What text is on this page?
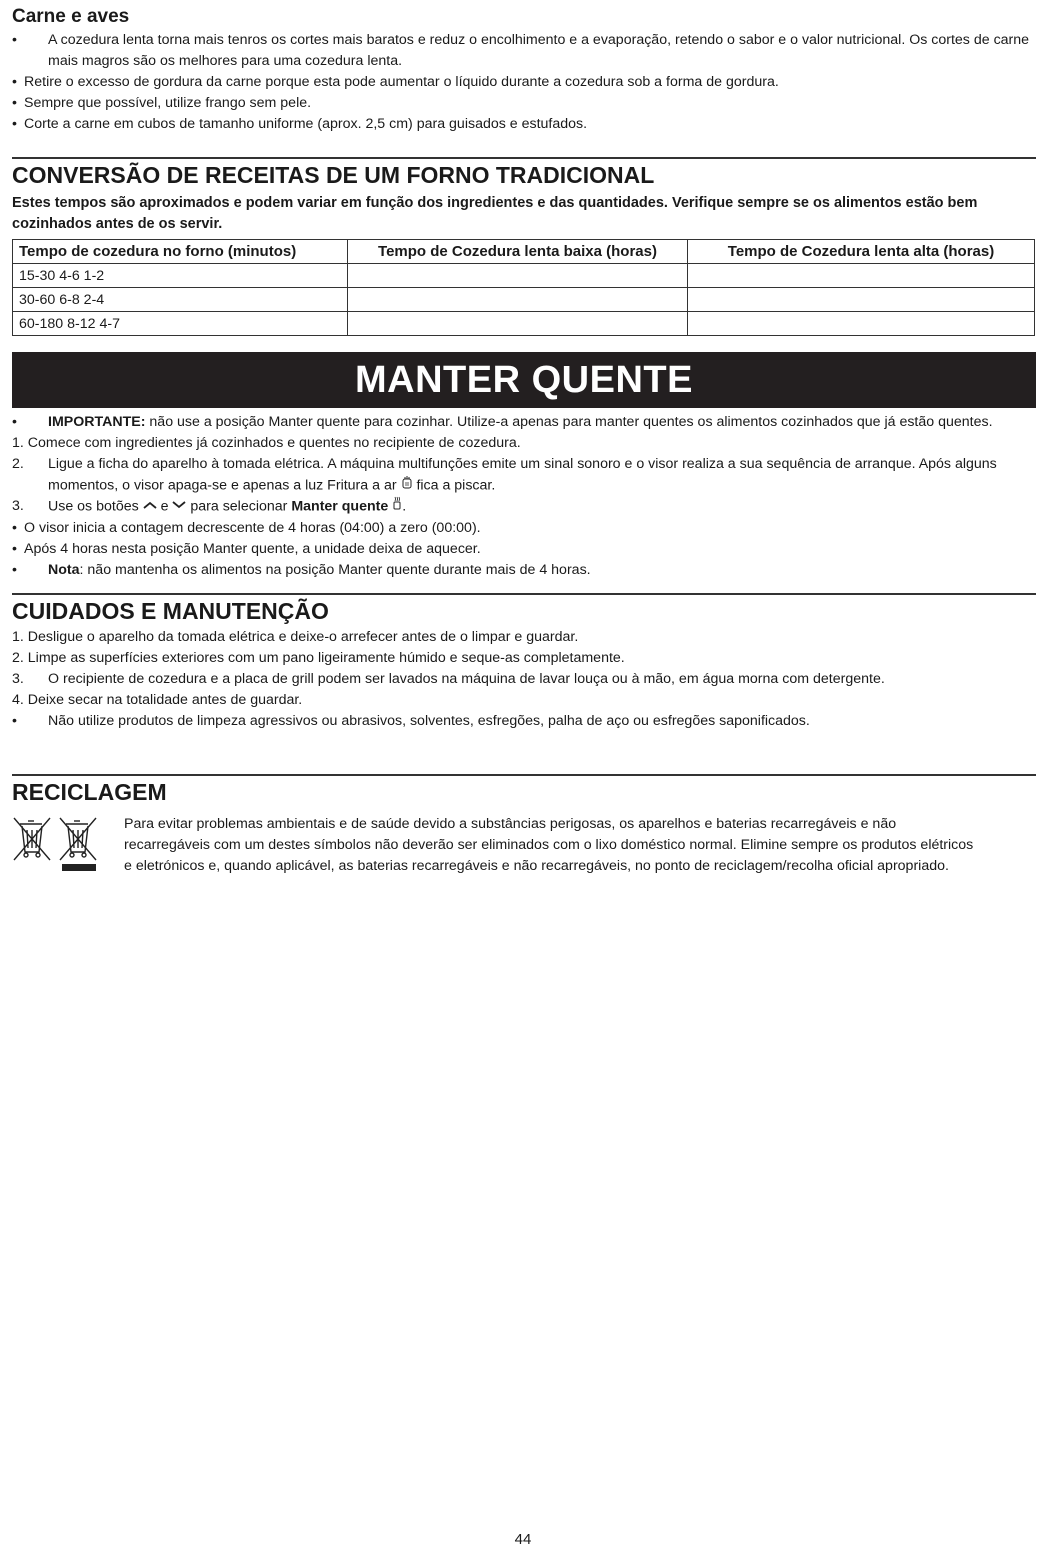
Carne e aves
• A cozedura lenta torna mais tenros os cortes mais baratos e reduz o encolhimento e a evaporação, retendo o sabor e o valor nutricional. Os cortes de carne mais magros são os melhores para uma cozedura lenta.
• Retire o excesso de gordura da carne porque esta pode aumentar o líquido durante a cozedura sob a forma de gordura.
• Sempre que possível, utilize frango sem pele.
• Corte a carne em cubos de tamanho uniforme (aprox. 2,5 cm) para guisados e estufados.
CONVERSÃO DE RECEITAS DE UM FORNO TRADICIONAL
Estes tempos são aproximados e podem variar em função dos ingredientes e das quantidades. Verifique sempre se os alimentos estão bem cozinhados antes de os servir.
Tempo de cozedura no forno (minutos)	Tempo de Cozedura lenta baixa (horas)	Tempo de Cozedura lenta alta (horas)
15-30 4-6 1-2		
30-60 6-8 2-4		
60-180 8-12 4-7		
MANTER QUENTE
• IMPORTANTE: não use a posição Manter quente para cozinhar. Utilize-a apenas para manter quentes os alimentos cozinhados que já estão quentes.
1. Comece com ingredientes já cozinhados e quentes no recipiente de cozedura.
2. Ligue a ficha do aparelho à tomada elétrica. A máquina multifunções emite um sinal sonoro e o visor realiza a sua sequência de arranque. Após alguns momentos, o visor apaga-se e apenas a luz Fritura a ar  fica a piscar.
3. Use os botões  e  para selecionar Manter quente .
• O visor inicia a contagem decrescente de 4 horas (04:00) a zero (00:00).
• Após 4 horas nesta posição Manter quente, a unidade deixa de aquecer.
• Nota: não mantenha os alimentos na posição Manter quente durante mais de 4 horas.
CUIDADOS E MANUTENÇÃO
1. Desligue o aparelho da tomada elétrica e deixe-o arrefecer antes de o limpar e guardar.
2. Limpe as superfícies exteriores com um pano ligeiramente húmido e seque-as completamente.
3. O recipiente de cozedura e a placa de grill podem ser lavados na máquina de lavar louça ou à mão, em água morna com detergente.
4. Deixe secar na totalidade antes de guardar.
• Não utilize produtos de limpeza agressivos ou abrasivos, solventes, esfregões, palha de aço ou esfregões saponificados.
RECICLAGEM
Para evitar problemas ambientais e de saúde devido a substâncias perigosas, os aparelhos e baterias recarregáveis e não recarregáveis com um destes símbolos não deverão ser eliminados com o lixo doméstico normal. Elimine sempre os produtos elétricos e eletrónicos e, quando aplicável, as baterias recarregáveis e não recarregáveis, no ponto de reciclagem/recolha oficial apropriado.
44
